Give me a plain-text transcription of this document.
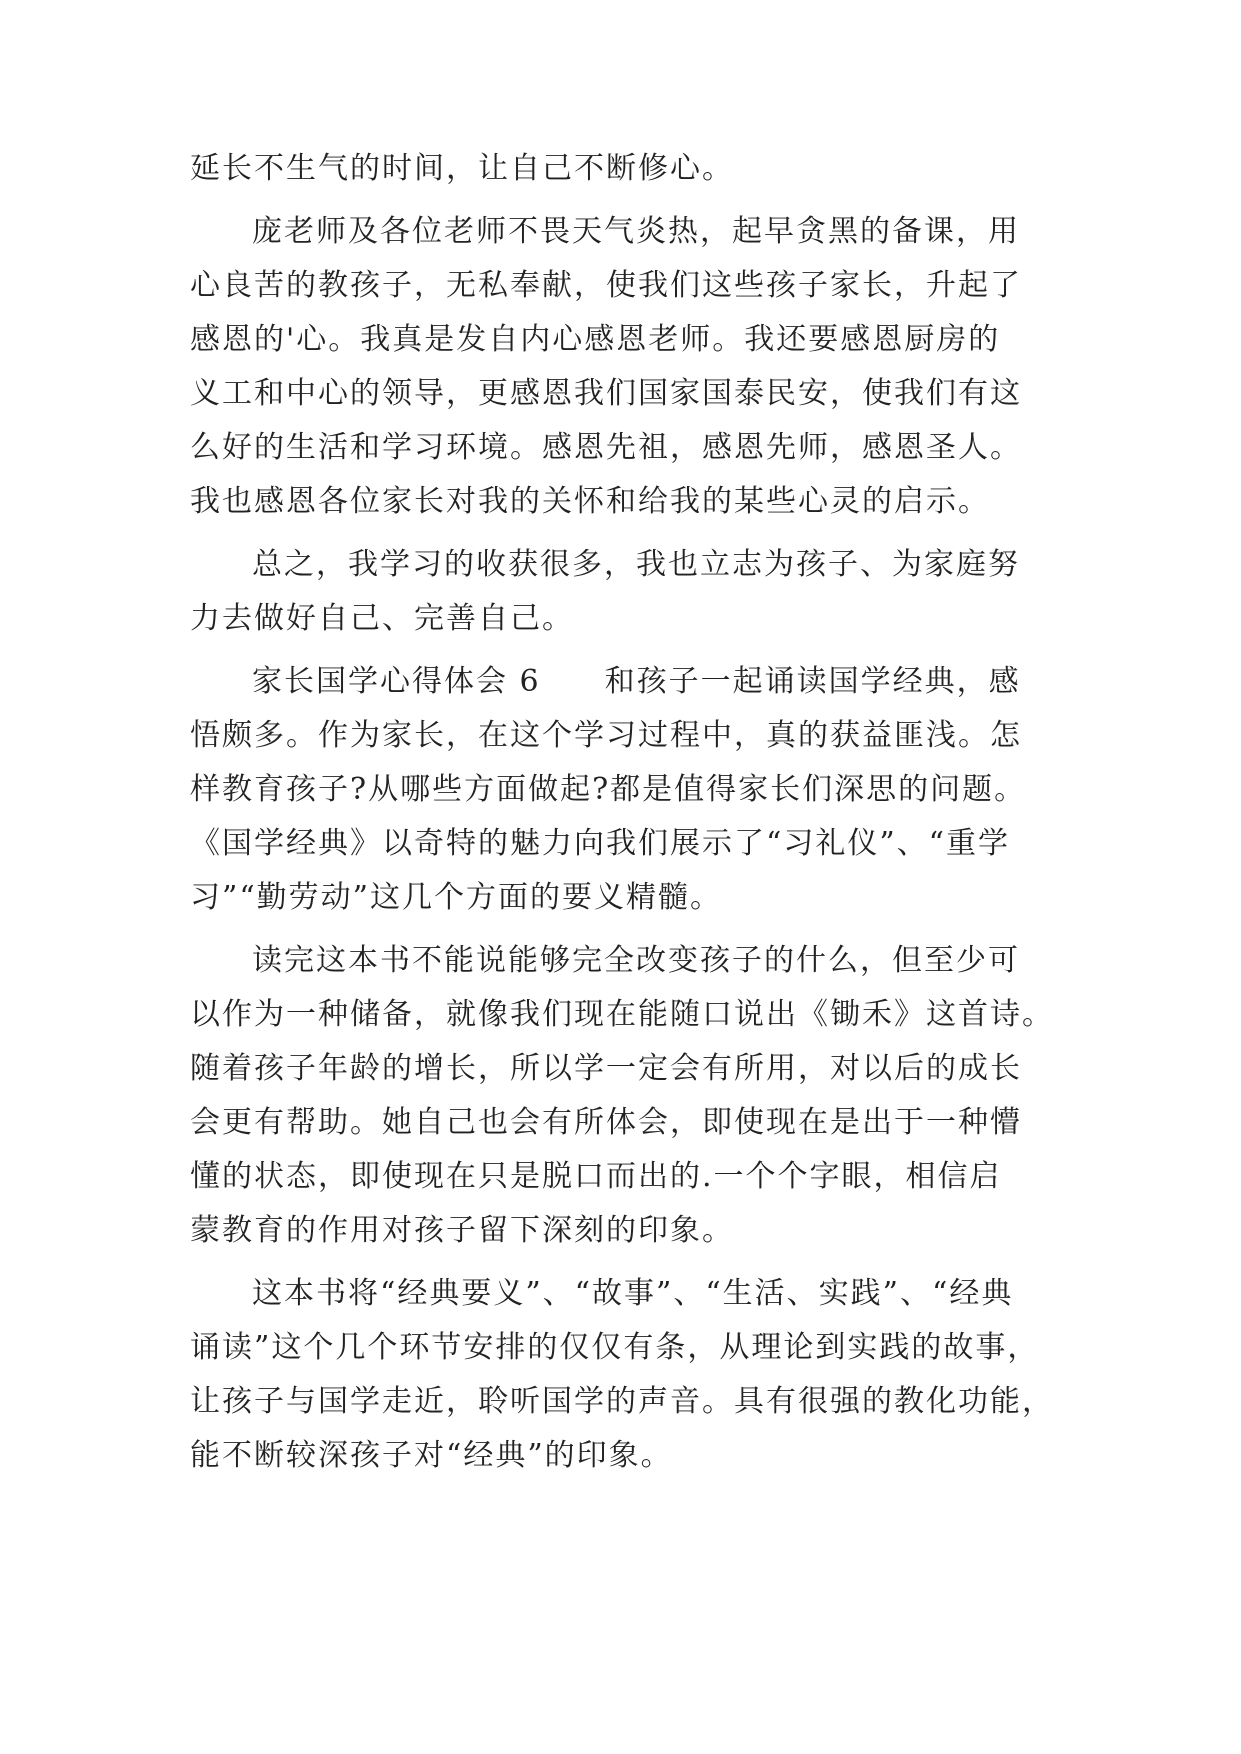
延长不生气的时间，让自己不断修心。
庞老师及各位老师不畏天气炎热，起早贪黑的备课，用
心良苦的教孩子，无私奉献，使我们这些孩子家长，升起了
感恩的'心。我真是发自内心感恩老师。我还要感恩厨房的
义工和中心的领导，更感恩我们国家国泰民安，使我们有这
么好的生活和学习环境。感恩先祖，感恩先师，感恩圣人。
我也感恩各位家长对我的关怀和给我的某些心灵的启示。
总之，我学习的收获很多，我也立志为孩子、为家庭努
力去做好自己、完善自己。
家长国学心得体会 6　　和孩子一起诵读国学经典，感
悟颇多。作为家长，在这个学习过程中，真的获益匪浅。怎
样教育孩子?从哪些方面做起?都是值得家长们深思的问题。
《国学经典》以奇特的魅力向我们展示了“习礼仪”、“重学
习”“勤劳动”这几个方面的要义精髓。
读完这本书不能说能够完全改变孩子的什么，但至少可
以作为一种储备，就像我们现在能随口说出《锄禾》这首诗。
随着孩子年龄的增长，所以学一定会有所用，对以后的成长
会更有帮助。她自己也会有所体会，即使现在是出于一种懵
懂的状态，即使现在只是脱口而出的.一个个字眼，相信启
蒙教育的作用对孩子留下深刻的印象。
这本书将“经典要义”、“故事”、“生活、实践”、“经典
诵读”这个几个环节安排的仅仅有条，从理论到实践的故事，
让孩子与国学走近，聆听国学的声音。具有很强的教化功能，
能不断较深孩子对“经典”的印象。
